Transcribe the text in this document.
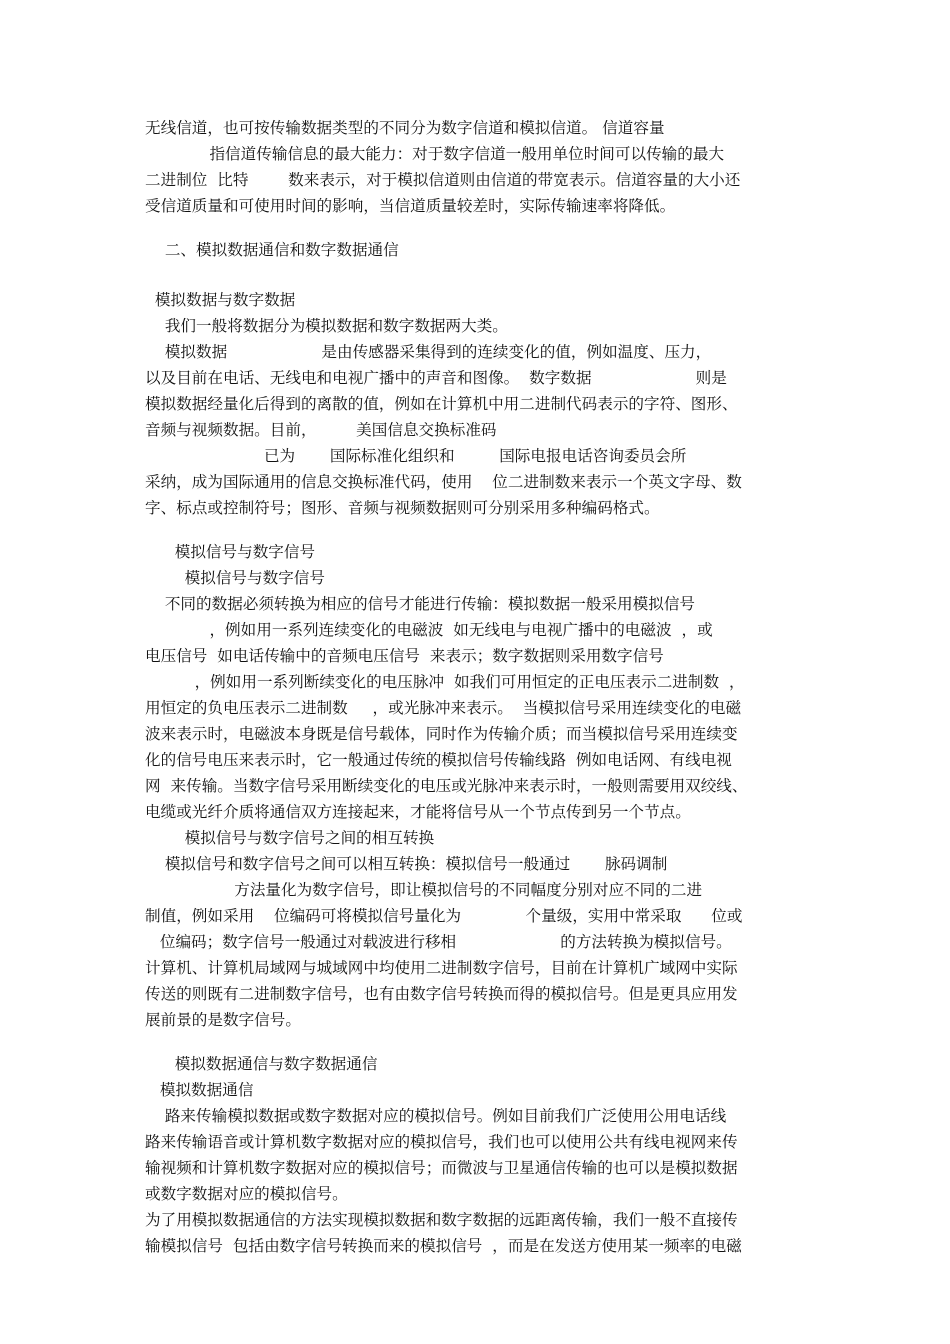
无线信道，也可按传输数据类型的不同分为数字信道和模拟信道。 信道容量

指信道传输信息的最大能力：对于数字信道一般用单位时间可以传输的最大

二进制位  比特        数来表示，对于模拟信道则由信道的带宽表示。信道容量的大小还

受信道质量和可使用时间的影响，当信道质量较差时，实际传输速率将降低。

二、模拟数据通信和数字数据通信

模拟数据与数字数据

我们一般将数据分为模拟数据和数字数据两大类。

模拟数据                   是由传感器采集得到的连续变化的值，例如温度、压力，

以及目前在电话、无线电和电视广播中的声音和图像。  数字数据                     则是

模拟数据经量化后得到的离散的值，例如在计算机中用二进制代码表示的字符、图形、

音频与视频数据。目前，        美国信息交换标准码

已为       国际标准化组织和         国际电报电话咨询委员会所

采纳，成为国际通用的信息交换标准代码，使用    位二进制数来表示一个英文字母、数

字、标点或控制符号；图形、音频与视频数据则可分别采用多种编码格式。

模拟信号与数字信号

模拟信号与数字信号

不同的数据必须转换为相应的信号才能进行传输：模拟数据一般采用模拟信号

，例如用一系列连续变化的电磁波  如无线电与电视广播中的电磁波  ，或

电压信号  如电话传输中的音频电压信号  来表示；数字数据则采用数字信号

，例如用一系列断续变化的电压脉冲  如我们可用恒定的正电压表示二进制数  ，

用恒定的负电压表示二进制数     ，或光脉冲来表示。  当模拟信号采用连续变化的电磁

波来表示时，电磁波本身既是信号载体，同时作为传输介质；而当模拟信号采用连续变

化的信号电压来表示时，它一般通过传统的模拟信号传输线路  例如电话网、有线电视

网  来传输。当数字信号采用断续变化的电压或光脉冲来表示时，一般则需要用双绞线、

电缆或光纤介质将通信双方连接起来，才能将信号从一个节点传到另一个节点。

模拟信号与数字信号之间的相互转换

模拟信号和数字信号之间可以相互转换：模拟信号一般通过       脉码调制

方法量化为数字信号，即让模拟信号的不同幅度分别对应不同的二进

制值，例如采用    位编码可将模拟信号量化为             个量级，实用中常采取      位或

位编码；数字信号一般通过对载波进行移相                     的方法转换为模拟信号。

计算机、计算机局域网与城域网中均使用二进制数字信号，目前在计算机广域网中实际

传送的则既有二进制数字信号，也有由数字信号转换而得的模拟信号。但是更具应用发

展前景的是数字信号。

模拟数据通信与数字数据通信

模拟数据通信

路来传输模拟数据或数字数据对应的模拟信号。例如目前我们广泛使用公用电话线

路来传输语音或计算机数字数据对应的模拟信号，我们也可以使用公共有线电视网来传

输视频和计算机数字数据对应的模拟信号；而微波与卫星通信传输的也可以是模拟数据

或数字数据对应的模拟信号。

为了用模拟数据通信的方法实现模拟数据和数字数据的远距离传输，我们一般不直接传

输模拟信号  包括由数字信号转换而来的模拟信号  ，而是在发送方使用某一频率的电磁
